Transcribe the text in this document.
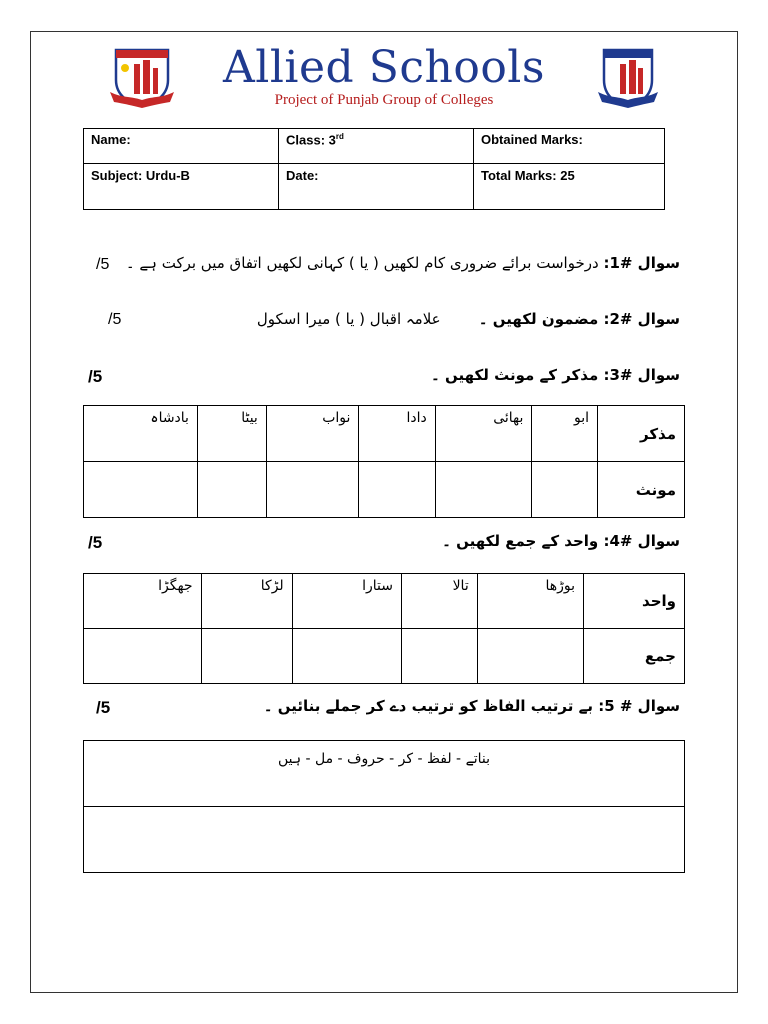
Allied Schools
Project of Punjab Group of Colleges
Name:	Class: 3rd	Obtained Marks:
Subject: Urdu-B	Date:	Total Marks: 25
سوال #1: درخواست برائے ضروری کام لکھیں ( یا ) کہانی لکھیں اتفاق میں برکت ہے ۔
/5
سوال #2: مضمون لکھیں ۔        علامہ اقبال ( یا ) میرا اسکول
/5
سوال #3: مذکر کے مونث لکھیں ۔
/5
مذکر	ابو	بھائی	دادا	نواب	بیٹا	بادشاہ
مونث						
سوال #4: واحد کے جمع لکھیں ۔
/5
واحد	بوڑھا	تالا	ستارا	لڑکا	جھگڑا
جمع					
سوال # 5: بے ترتیب الفاظ کو ترتیب دے کر جملے بنائیں ۔
/5
بناتے - لفظ - کر - حروف - مل - ہیں
